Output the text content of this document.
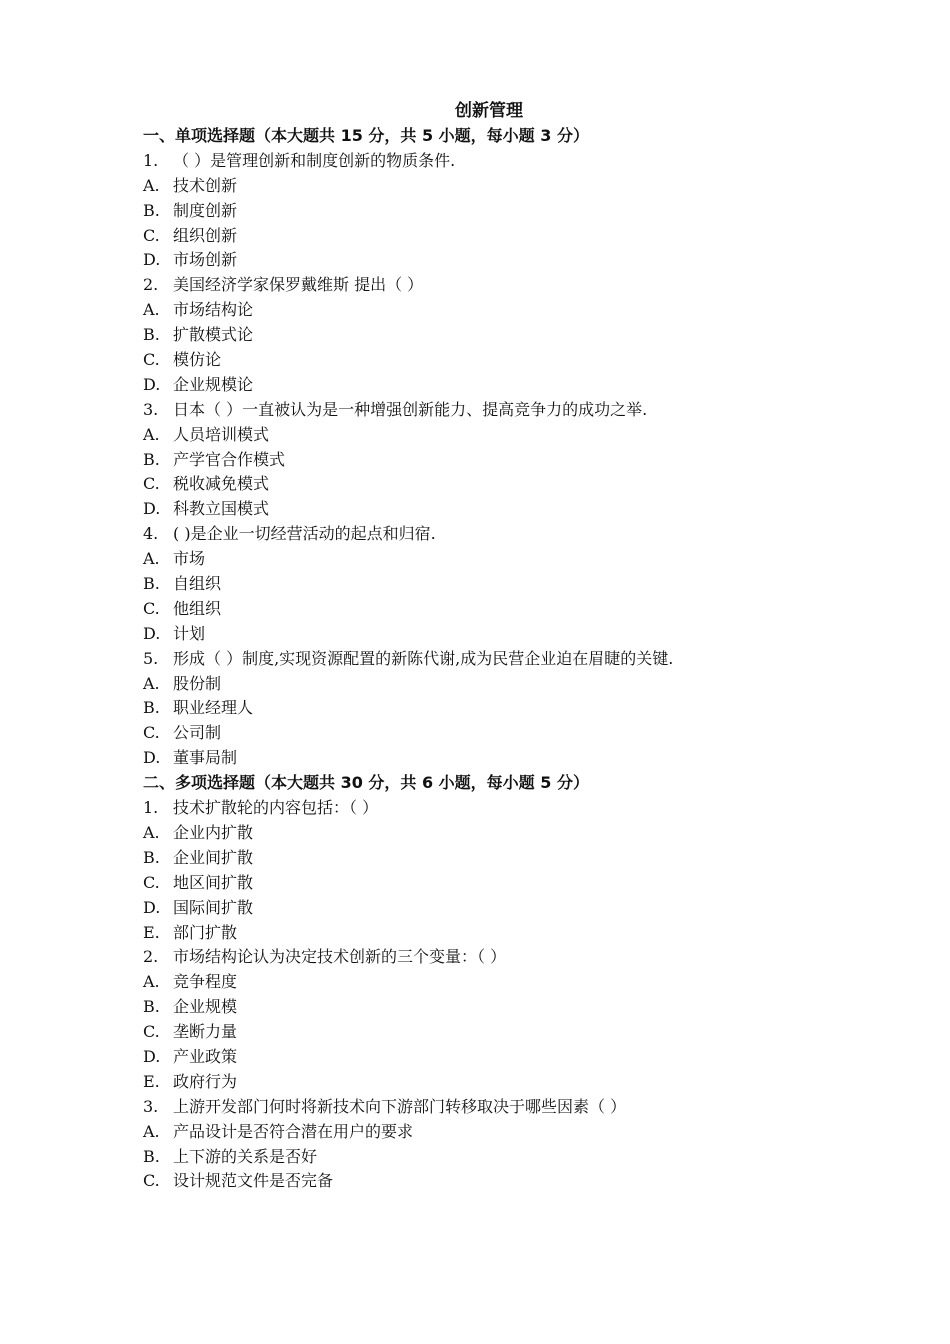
创新管理
一、单项选择题（本大题共 15 分，共 5 小题，每小题 3 分）
1. （ ）是管理创新和制度创新的物质条件.
A. 技术创新
B. 制度创新
C. 组织创新
D. 市场创新
2. 美国经济学家保罗戴维斯 提出（ ）
A. 市场结构论
B. 扩散模式论
C. 模仿论
D. 企业规模论
3. 日本（ ）一直被认为是一种增强创新能力、提高竞争力的成功之举.
A. 人员培训模式
B. 产学官合作模式
C. 税收减免模式
D. 科教立国模式
4. ( )是企业一切经营活动的起点和归宿.
A. 市场
B. 自组织
C. 他组织
D. 计划
5. 形成（ ）制度,实现资源配置的新陈代谢,成为民营企业迫在眉睫的关键.
A. 股份制
B. 职业经理人
C. 公司制
D. 董事局制
二、多项选择题（本大题共 30 分，共 6 小题，每小题 5 分）
1. 技术扩散轮的内容包括：（ ）
A. 企业内扩散
B. 企业间扩散
C. 地区间扩散
D. 国际间扩散
E. 部门扩散
2. 市场结构论认为决定技术创新的三个变量：（ ）
A. 竞争程度
B. 企业规模
C. 垄断力量
D. 产业政策
E. 政府行为
3. 上游开发部门何时将新技术向下游部门转移取决于哪些因素（ ）
A. 产品设计是否符合潜在用户的要求
B. 上下游的关系是否好
C. 设计规范文件是否完备
